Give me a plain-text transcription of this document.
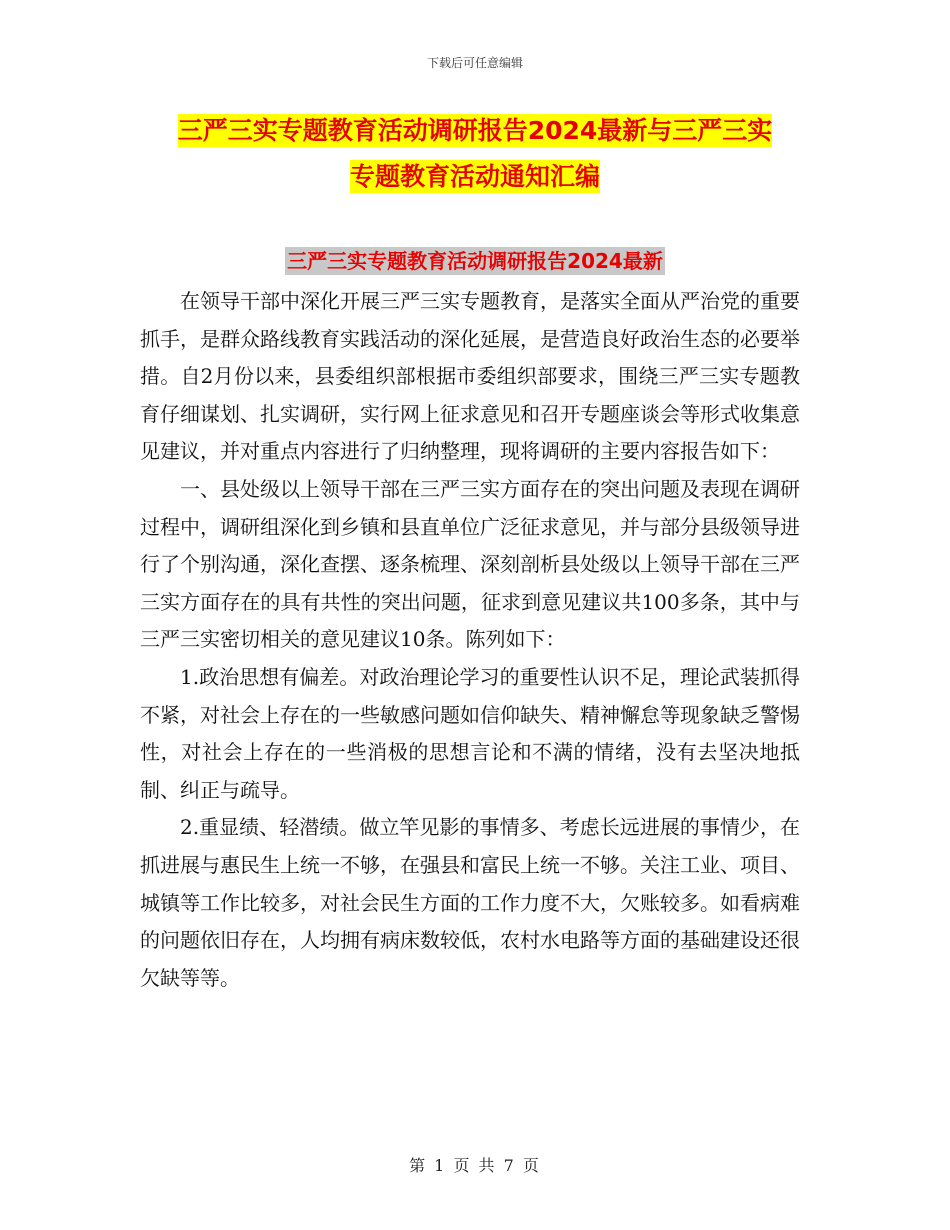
下载后可任意编辑
三严三实专题教育活动调研报告2024最新与三严三实
专题教育活动通知汇编
三严三实专题教育活动调研报告2024最新

在领导干部中深化开展三严三实专题教育，是落实全面从严治党的重要抓手，是群众路线教育实践活动的深化延展，是营造良好政治生态的必要举措。自2月份以来，县委组织部根据市委组织部要求，围绕三严三实专题教育仔细谋划、扎实调研，实行网上征求意见和召开专题座谈会等形式收集意见建议，并对重点内容进行了归纳整理，现将调研的主要内容报告如下：

一、县处级以上领导干部在三严三实方面存在的突出问题及表现在调研过程中，调研组深化到乡镇和县直单位广泛征求意见，并与部分县级领导进行了个别沟通，深化查摆、逐条梳理、深刻剖析县处级以上领导干部在三严三实方面存在的具有共性的突出问题，征求到意见建议共100多条，其中与三严三实密切相关的意见建议10条。陈列如下：

1.政治思想有偏差。对政治理论学习的重要性认识不足，理论武装抓得不紧，对社会上存在的一些敏感问题如信仰缺失、精神懈怠等现象缺乏警惕性，对社会上存在的一些消极的思想言论和不满的情绪，没有去坚决地抵制、纠正与疏导。

2.重显绩、轻潜绩。做立竿见影的事情多、考虑长远进展的事情少，在抓进展与惠民生上统一不够，在强县和富民上统一不够。关注工业、项目、城镇等工作比较多，对社会民生方面的工作力度不大，欠账较多。如看病难的问题依旧存在，人均拥有病床数较低，农村水电路等方面的基础建设还很欠缺等等。

第 1 页 共 7 页
